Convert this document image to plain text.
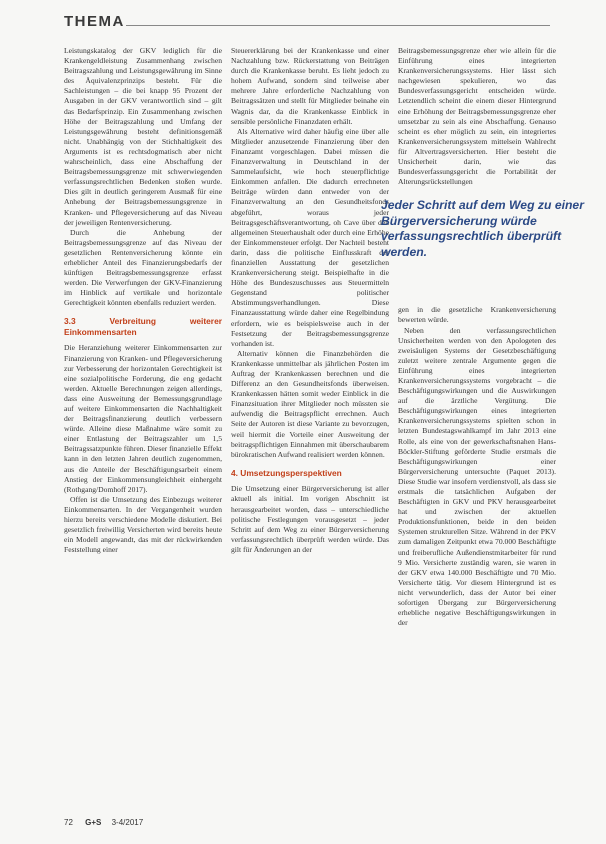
THEMA

Leistungskatalog der GKV lediglich für die Krankengeldleistung Zusammenhang zwischen Beitragszahlung und Leistungsgewährung im Sinne des Äquivalenzprinzips besteht. Für die Sachleistungen – die bei knapp 95 Prozent der Ausgaben in der GKV verantwortlich sind – gilt das Bedarfsprinzip. Ein Zusammenhang zwischen Höhe der Beitragszahlung und Umfang der Leistungsgewährung besteht definitionsgemäß nicht. Unabhängig von der Stichhaltigkeit des Arguments ist es rechtsdogmatisch aber nicht wahrscheinlich, dass eine Abschaffung der Beitragsbemessungsgrenze mit schwerwiegenden verfassungsrechtlichen Bedenken stoßen wurde. Dies gilt in deutlich geringerem Ausmaß für eine Anhebung der Beitragsbemessungsgrenze in Kranken- und Pflegeversicherung auf das Niveau der jeweiligen Rentenversicherung.

Durch die Anhebung der Beitragsbemessungsgrenze auf das Niveau der gesetzlichen Rentenversicherung könnte ein erheblicher Anteil des Finanzierungsbedarfs der künftigen Beitragsbemessungsgrenze erfasst werden. Die Verwerfungen der GKV-Finanzierung im Hinblick auf vertikale und horizontale Gerechtigkeit könnten ebenfalls reduziert werden.

3.3 Verbreitung weiterer Einkommensarten

Die Heranziehung weiterer Einkommensarten zur Finanzierung von Kranken- und Pflegeversicherung zur Verbesserung der horizontalen Gerechtigkeit ist eine sozialpolitische Forderung, die eng gedacht werden. Aktuelle Berechnungen zeigen allerdings, dass eine Ausweitung der Bemessungsgrundlage auf weitere Einkommensarten die Nachhaltigkeit der Beitragsfinanzierung deutlich verbessern würde. Alleine diese Maßnahme wäre somit zu einer Entlastung der Beitragszahler um 1,5 Beitragssatzpunkte führen. Dieser finanzielle Effekt kann in den letzten Jahren deutlich zugenommen, aus die Anteile der Beschäftigungsarbeit einem Anstieg der Einkommensungleichheit einhergeht (Rothgang/Domhoff 2017).

Offen ist die Umsetzung des Einbezugs weiterer Einkommensarten. In der Vergangenheit wurden hierzu bereits verschiedene Modelle diskutiert. Bei gesetzlich freiwillig Versicherten wird bereits heute ein Modell angewandt, das mit der rückwirkenden Feststellung einer

Steuererklärung bei der Krankenkasse und einer Nachzahlung bzw. Rückerstattung von Beiträgen durch die Krankenkasse beruht. Es lieht jedoch zu hohem Aufwand, sondern sind teilweise aber mehrere Jahre erforderliche Nachzahlung von Beitragssätzen und stellt für Mitglieder beinahe ein Wagnis dar, da die Krankenkasse Einblick in sensible persönliche Finanzdaten erhält.

Als Alternative wird daher häufig eine über alle Mitglieder anzusetzende Finanzierung über den Finanzamt vorgeschlagen. Dabei müssen die Finanzverwaltung in Deutschland in der Sammelaufsicht, wie hoch steuerpflichtige Einkommen anfallen. Die dadurch errechneten Beiträge würden dann entweder von der Finanzverwaltung an den Gesundheitsfonds abgeführt, woraus jeder Beitragsgeschäftsverantwortung, oh Cave über den allgemeinen Steuerhaushalt oder durch eine Erhöhe der Einkommensteuer erfolgt. Der Nachteil besteht darin, dass die politische Einflusskraft der finanziellen Ausstattung der gesetzlichen Krankenversicherung steigt. Beispielhafte in die Höhe des Bundeszuschusses aus Steuermitteln Gegenstand politischer Abstimmungsverhandlungen. Diese Finanzausstattung würde daher eine Regelbindung erfordern, wie es beispielsweise auch in der Festsetzung der Beitragsbemessungsgrenze vorhanden ist.

Alternativ können die Finanzbehörden die Krankenkasse unmittelbar als jährlichen Posten im Auftrag der Krankenkassen berechnen und die Differenz an den Gesundheitsfonds überweisen. Krankenkassen hätten somit weder Einblick in die Finanzsituation ihrer Mitglieder noch müssten sie aufwendig die Beitragspflicht errechnen. Auch Seite der Autoren ist diese Variante zu bevorzugen, weil hiermit die Vorteile einer Ausweitung der beitragspflichtigen Einnahmen mit überschaubarem bürokratischen Aufwand realisiert werden können.

4. Umsetzungsperspektiven

Die Umsetzung einer Bürgerversicherung ist aller aktuell als initial. Im vorigen Abschnitt ist herausgearbeitet worden, dass – unterschiedliche politische Festlegungen vorausgesetzt – jeder Schritt auf dem Weg zu einer Bürgerversicherung verfassungsrechtlich überprüft werden würde. Das gilt für Änderungen an der

Beitragsbemessungsgrenze eher wie allein für die Einführung eines integrierten Krankenversicherungssystems. Hier lässt sich nachgewiesen spekulieren, wo das Bundesverfassungsgericht entscheiden würde. Letztendlich scheint die einem dieser Hintergrund eine Erhöhung der Beitragsbemessungsgrenze eher umsetzbar zu sein als eine Abschaffung. Genauso scheint es eher möglich zu sein, ein integriertes Krankenversicherungssystem mittelsein Wahlrecht für Altvertragsversicherten. Hier besteht die Unsicherheit darin, wie das Bundesverfassungsgericht die Portabilität der Alterungsrückstellungen

gen in die gesetzliche Krankenversicherung bewerten würde.

Neben den verfassungsrechtlichen Unsicherheiten werden von den Apologeten des zweisäuligen Systems der Gesetzbeschäftigung zuletzt weitere zentrale Argumente gegen die Einführung eines integrierten Krankenversicherungssystems vorgebracht – die Beschäftigungswirkungen und die Auswirkungen auf die ärztliche Vergütung. Die Beschäftigungswirkungen eines integrierten Krankenversicherungssystems spielten schon in letzten Bundestagswahlkampf im Jahr 2013 eine Rolle, als eine von der gewerkschaftsnahen Hans-Böckler-Stiftung geförderte Studie erstmals die Beschäftigungswirkungen einer Bürgerversicherung untersuchte (Paquet 2013). Diese Studie war insofern verdienstvoll, als dass sie erstmals die tatsächlichen Aufgaben der Beschäftigten in GKV und PKV herausgearbeitet hat und zwischen der aktuellen Produktionsfunktionen, beide in den beiden Systemen strukturellen Sitze. Während in der PKV zum damaligen Zeitpunkt etwa 70.000 Beschäftigte und freiberufliche Außendienstmitarbeiter für rund 9 Mio. Versicherte zuständig waren, sie waren in der GKV etwa 140.000 Beschäftigte und 70 Mio. Versicherte tätig. Vor diesem Hintergrund ist es nicht verwunderlich, dass der Autor bei einer sofortigen Übergang zur Bürgerversicherung erhebliche negative Beschäftigungswirkungen in der

Jeder Schritt auf dem Weg zu einer Bürgerversicherung würde verfassungsrechtlich überprüft werden.
72 G+S 3-4/2017
